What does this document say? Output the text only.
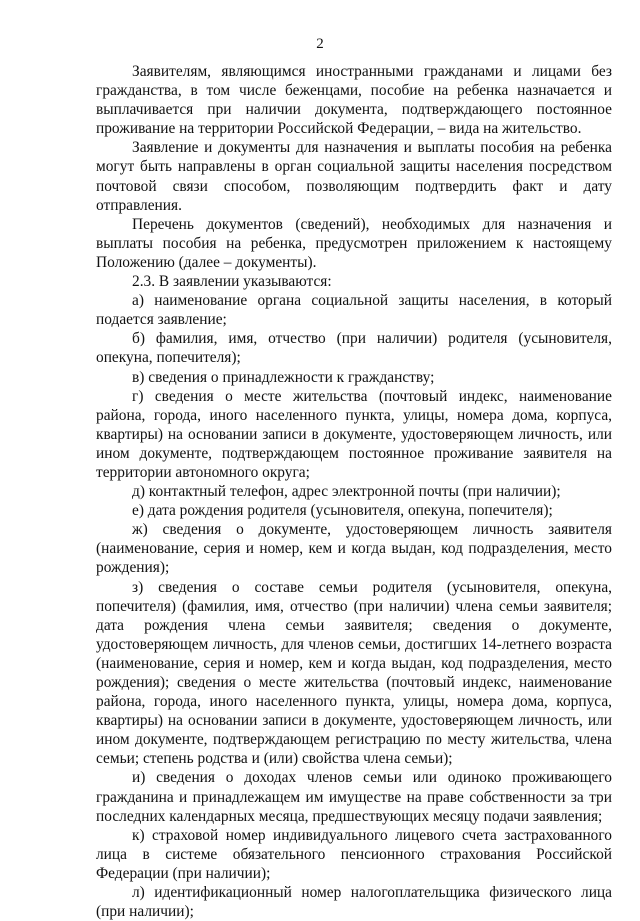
2

Заявителям, являющимся иностранными гражданами и лицами без гражданства, в том числе беженцами, пособие на ребенка назначается и выплачивается при наличии документа, подтверждающего постоянное проживание на территории Российской Федерации, – вида на жительство.

Заявление и документы для назначения и выплаты пособия на ребенка могут быть направлены в орган социальной защиты населения посредством почтовой связи способом, позволяющим подтвердить факт и дату отправления.

Перечень документов (сведений), необходимых для назначения и выплаты пособия на ребенка, предусмотрен приложением к настоящему Положению (далее – документы).

2.3. В заявлении указываются:

а) наименование органа социальной защиты населения, в который подается заявление;

б) фамилия, имя, отчество (при наличии) родителя (усыновителя, опекуна, попечителя);

в) сведения о принадлежности к гражданству;

г) сведения о месте жительства (почтовый индекс, наименование района, города, иного населенного пункта, улицы, номера дома, корпуса, квартиры) на основании записи в документе, удостоверяющем личность, или ином документе, подтверждающем постоянное проживание заявителя на территории автономного округа;

д) контактный телефон, адрес электронной почты (при наличии);

е) дата рождения родителя (усыновителя, опекуна, попечителя);

ж) сведения о документе, удостоверяющем личность заявителя (наименование, серия и номер, кем и когда выдан, код подразделения, место рождения);

з) сведения о составе семьи родителя (усыновителя, опекуна, попечителя) (фамилия, имя, отчество (при наличии) члена семьи заявителя; дата рождения члена семьи заявителя; сведения о документе, удостоверяющем личность, для членов семьи, достигших 14-летнего возраста (наименование, серия и номер, кем и когда выдан, код подразделения, место рождения); сведения о месте жительства (почтовый индекс, наименование района, города, иного населенного пункта, улицы, номера дома, корпуса, квартиры) на основании записи в документе, удостоверяющем личность, или ином документе, подтверждающем регистрацию по месту жительства, члена семьи; степень родства и (или) свойства члена семьи);

и) сведения о доходах членов семьи или одиноко проживающего гражданина и принадлежащем им имуществе на праве собственности за три последних календарных месяца, предшествующих месяцу подачи заявления;

к) страховой номер индивидуального лицевого счета застрахованного лица в системе обязательного пенсионного страхования Российской Федерации (при наличии);

л) идентификационный номер налогоплательщика физического лица (при наличии);
